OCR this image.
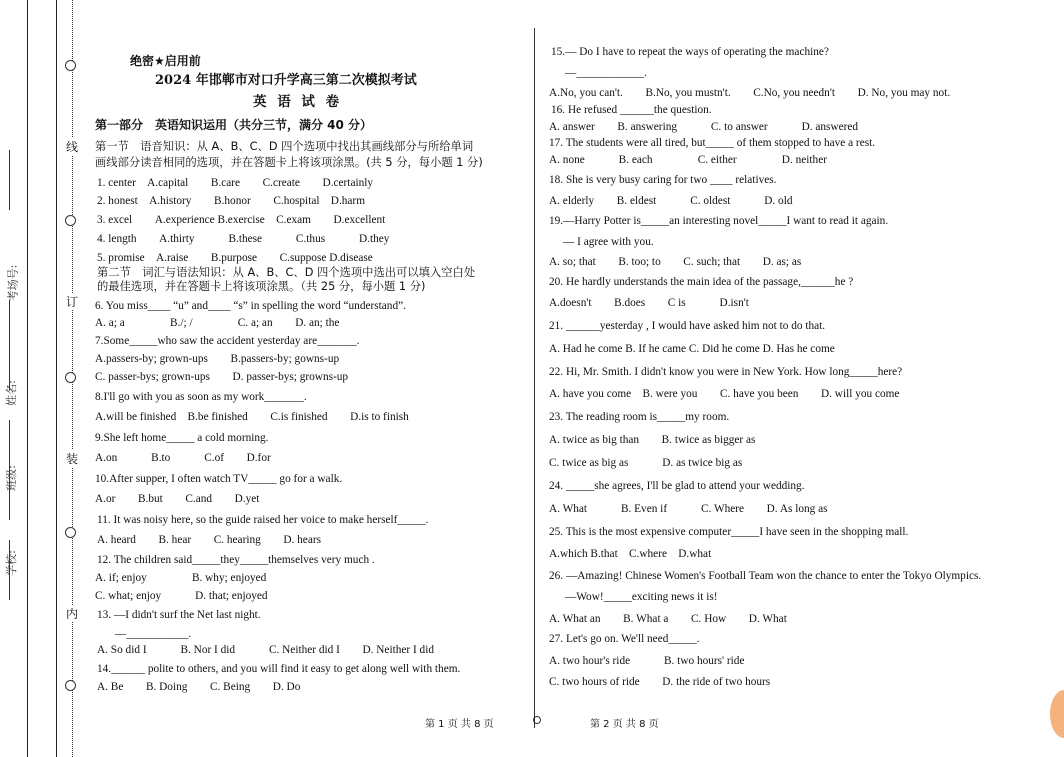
考场号:
姓名:
班级:
学校:
线
订
装
内
绝密★启用前
2024 年邯郸市对口升学高三第二次模拟考试
英 语 试 卷
第一部分　英语知识运用（共分三节，满分 40 分）
第一节　语音知识：从 A、B、C、D 四个选项中找出其画线部分与所给单词
画线部分读音相同的选项，并在答题卡上将该项涂黑。(共 5 分，每小题 1 分)
1. center　A.capital　　B.care　　C.create　　D.certainly
2. honest　A.history　　B.honor　　C.hospital　D.harm
3. excel　　A.experience B.exercise　C.exam　　D.excellent
4. length　　A.thirty　　　B.these　　　C.thus　　　D.they
5. promise　A.raise　　B.purpose　　C.suppose D.disease
第二节　词汇与语法知识：从 A、B、C、D 四个选项中选出可以填入空白处
的最佳选项，并在答题卡上将该项涂黑。（共 25 分，每小题 1 分)
6. You miss____ “u” and____ “s” in spelling the word “understand”.
A. a; a　　　　B./; /　　　　C. a; an　　D. an; the
7.Some_____who saw the accident yesterday are_______.
A.passers-by; grown-ups　　B.passers-by; gowns-up
C. passer-bys; grown-ups　　D. passer-bys; growns-up
8.I'll go with you as soon as my work_______.
A.will be finished　B.be finished　　C.is finished　　D.is to finish
9.She left home_____ a cold morning.
A.on　　　B.to　　　C.of　　D.for
10.After supper, I often watch TV_____ go for a walk.
A.or　　B.but　　C.and　　D.yet
11. It was noisy here, so the guide raised her voice to make herself_____.
A. heard　　B. hear　　C. hearing　　D. hears
12. The children said_____they_____themselves very much .
A. if; enjoy　　　　B. why; enjoyed
C. what; enjoy　　　D. that; enjoyed
13. —I didn't surf the Net last night.
—___________.
A. So did I　　　B. Nor I did　　　C. Neither did I　　D. Neither I did
14.______ polite to others, and you will find it easy to get along well with them.
A. Be　　B. Doing　　C. Being　　D. Do
第 1 页 共 8 页
15.— Do I have to repeat the ways of operating the machine?
—____________.
A.No, you can't.　　B.No, you mustn't.　　C.No, you needn't　　D. No, you may not.
16. He refused ______the question.
A. answer　　B. answering　　　C. to answer　　　D. answered
17. The students were all tired, but_____ of them stopped to have a rest.
A. none　　　B. each　　　　C. either　　　　D. neither
18. She is very busy caring for two ____ relatives.
A. elderly　　B. eldest　　　C. oldest　　　D. old
19.—Harry Potter is_____an interesting novel_____I want to read it again.
— I agree with you.
A. so; that　　B. too; to　　C. such; that　　D. as; as
20. He hardly understands the main idea of the passage,______he ?
A.doesn't　　B.does　　C is　　　D.isn't
21. ______yesterday , I would have asked him not to do that.
A. Had he come B. If he came C. Did he come D. Has he come
22. Hi, Mr. Smith. I didn't know you were in New York. How long_____here?
A. have you come　B. were you　　C. have you been　　D. will you come
23. The reading room is_____my room.
A. twice as big than　　B. twice as bigger as
C. twice as big as　　　D. as twice big as
24. _____she agrees, I'll be glad to attend your wedding.
A. What　　　B. Even if　　　C. Where　　D. As long as
25. This is the most expensive computer_____I have seen in the shopping mall.
A.which B.that　C.where　D.what
26. —Amazing! Chinese Women's Football Team won the chance to enter the Tokyo Olympics.
—Wow!_____exciting news it is!
A. What an　　B. What a　　C. How　　D. What
27. Let's go on. We'll need_____.
A. two hour's ride　　　B. two hours' ride
C. two hours of ride　　D. the ride of two hours
第 2 页 共 8 页
